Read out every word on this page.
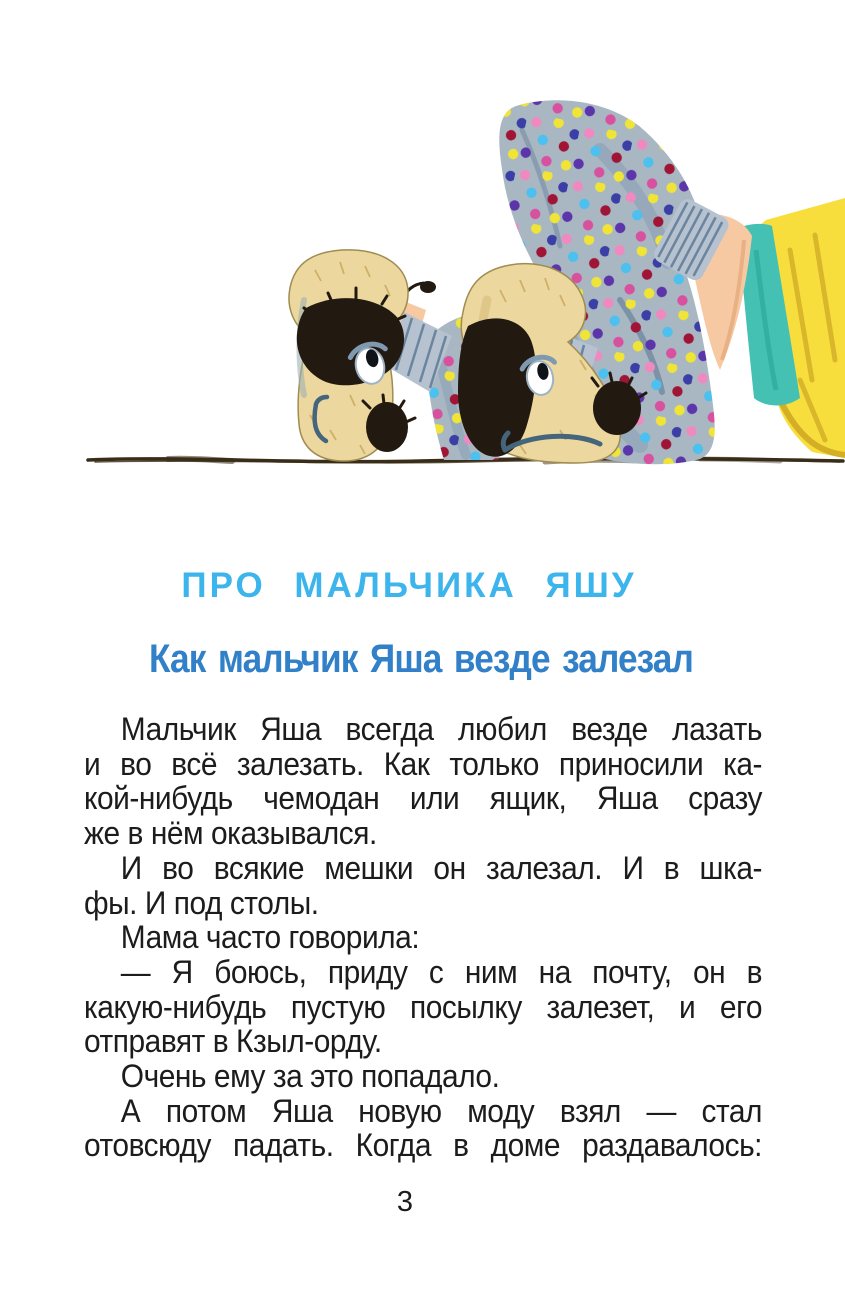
ПРО МАЛЬЧИКА ЯШУ
Как мальчик Яша везде залезал
Мальчик Яша всегда любил везде лазать
и во всё залезать. Как только приносили ка-
кой-нибудь чемодан или ящик, Яша сразу
же в нём оказывался.
И во всякие мешки он залезал. И в шка-
фы. И под столы.
Мама часто говорила:
— Я боюсь, приду с ним на почту, он в
какую-нибудь пустую посылку залезет, и его
отправят в Кзыл-орду.
Очень ему за это попадало.
А потом Яша новую моду взял — стал
отовсюду падать. Когда в доме раздавалось:
3
